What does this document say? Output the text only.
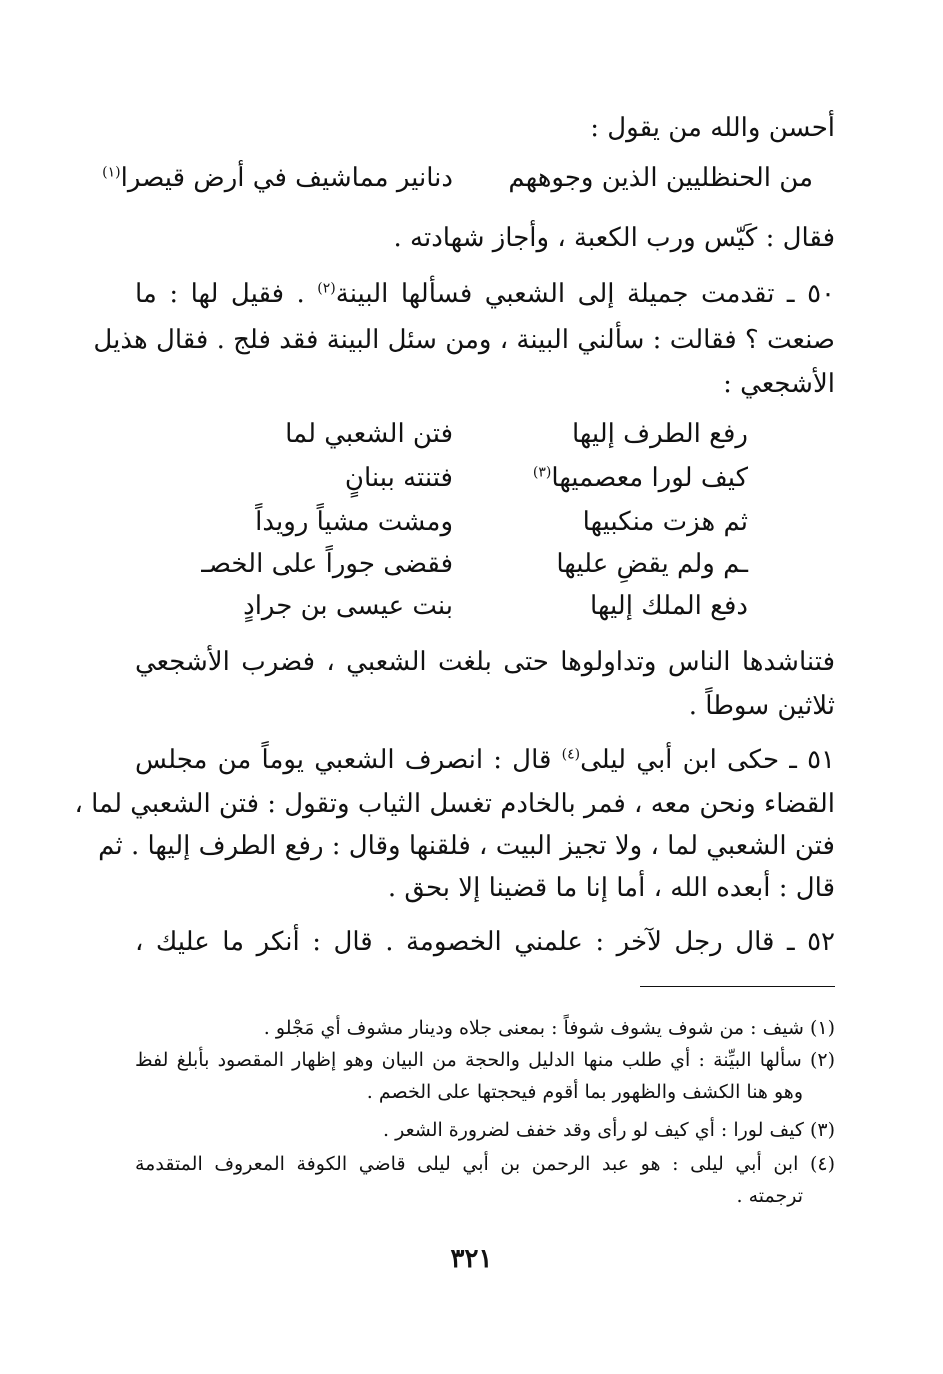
أحسن والله من يقول :
من الحنظليين الذين وجوههم
دنانير مماشيف في أرض قيصرا$^{(١)}$
فقال : كَيّس ورب الكعبة ، وأجاز شهادته .
٥٠ ـ تقدمت جميلة إلى الشعبي فسألها البينة$^{(٢)}$ . فقيل لها : ما
صنعت ؟ فقالت : سألني البينة ، ومن سئل البينة فقد فلج . فقال هذيل
الأشجعي :
فتن الشعبي لما	رفع الطرف إليها
فتنته ببنانٍ	كيف لورا معصميها$^{(٣)}$
ومشت مشياً رويداً	ثم هزت منكبيها
فقضى جوراً على الخصـ	ـم ولم يقضِ عليها
بنت عيسى بن جرادٍ	دفع الملك إليها
فتناشدها الناس وتداولوها حتى بلغت الشعبي ، فضرب الأشجعي
ثلاثين سوطاً .
٥١ ـ حكى ابن أبي ليلى$^{(٤)}$ قال : انصرف الشعبي يوماً من مجلس
القضاء ونحن معه ، فمر بالخادم تغسل الثياب وتقول : فتن الشعبي لما ،
فتن الشعبي لما ، ولا تجيز البيت ، فلقنها وقال : رفع الطرف إليها . ثم
قال : أبعده الله ، أما إنا ما قضينا إلا بحق .
٥٢ ـ قال رجل لآخر : علمني الخصومة . قال : أنكر ما عليك ،
(١) شيف : من شوف يشوف شوفاً : بمعنى جلاه ودينار مشوف أي مَجْلو .
(٢) سألها البيِّنة : أي طلب منها الدليل والحجة من البيان وهو إظهار المقصود بأبلغ لفظ
وهو هنا الكشف والظهور بما أقوم فيحجتها على الخصم .
(٣) كيف لورا : أي كيف لو رأى وقد خفف لضرورة الشعر .
(٤) ابن أبي ليلى : هو عبد الرحمن بن أبي ليلى قاضي الكوفة المعروف المتقدمة
ترجمته .
٣٢١
